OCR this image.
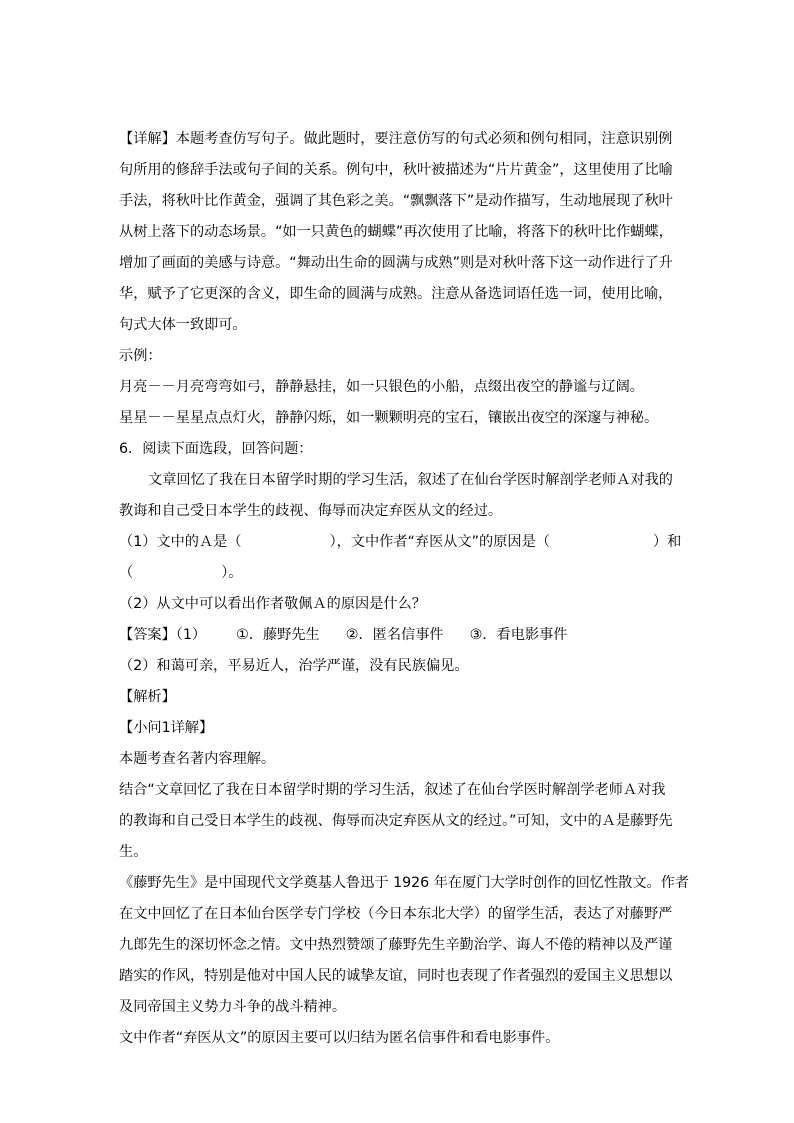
【详解】本题考查仿写句子。做此题时，要注意仿写的句式必须和例句相同，注意识别例
句所用的修辞手法或句子间的关系。例句中，秋叶被描述为“片片黄金”，这里使用了比喻
手法，将秋叶比作黄金，强调了其色彩之美。“飘飘落下”是动作描写，生动地展现了秋叶
从树上落下的动态场景。“如一只黄色的蝴蝶”再次使用了比喻，将落下的秋叶比作蝴蝶，
增加了画面的美感与诗意。“舞动出生命的圆满与成熟”则是对秋叶落下这一动作进行了升
华，赋予了它更深的含义，即生命的圆满与成熟。注意从备选词语任选一词，使用比喻，
句式大体一致即可。
示例：
月亮－－月亮弯弯如弓，静静悬挂，如一只银色的小船，点缀出夜空的静谧与辽阔。
星星－－星星点点灯火，静静闪烁，如一颗颗明亮的宝石，镶嵌出夜空的深邃与神秘。
6．阅读下面选段，回答问题：
文章回忆了我在日本留学时期的学习生活，叙述了在仙台学医时解剖学老师Ａ对我的
教诲和自己受日本学生的歧视、侮辱而决定弃医从文的经过。
（1）文中的Ａ是（	），文中作者“弃医从文”的原因是（	）和
（	）。
（2）从文中可以看出作者敬佩Ａ的原因是什么？
【答案】（1） ①．藤野先生 ②．匿名信事件 ③．看电影事件
（2）和蔼可亲，平易近人，治学严谨，没有民族偏见。
【解析】
【小问1详解】
本题考查名著内容理解。
结合“文章回忆了我在日本留学时期的学习生活，叙述了在仙台学医时解剖学老师Ａ对我
的教诲和自己受日本学生的歧视、侮辱而决定弃医从文的经过。”可知，文中的Ａ是藤野先
生。
《藤野先生》是中国现代文学奠基人鲁迅于 1926 年在厦门大学时创作的回忆性散文。作者
在文中回忆了在日本仙台医学专门学校（今日本东北大学）的留学生活，表达了对藤野严
九郎先生的深切怀念之情。文中热烈赞颂了藤野先生辛勤治学、诲人不倦的精神以及严谨
踏实的作风，特别是他对中国人民的诚挚友谊，同时也表现了作者强烈的爱国主义思想以
及同帝国主义势力斗争的战斗精神。
文中作者“弃医从文”的原因主要可以归结为匿名信事件和看电影事件。
